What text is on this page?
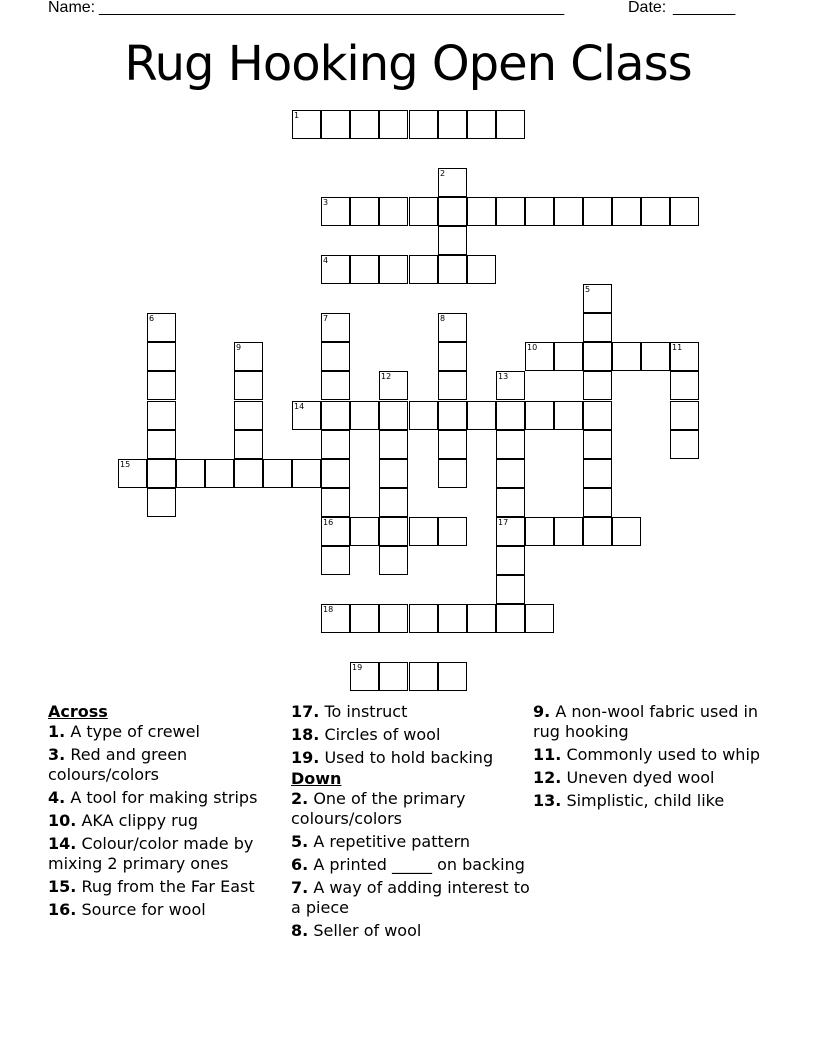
Name: _______________________________________________________	Date: _______
Rug Hooking Open Class
1
2
3
4
5
6	7
16
8
9	10	11
12	13
17
14
15
18
19
Across
1. A type of crewel
3. Red and green colours/colors
4. A tool for making strips
10. AKA clippy rug
14. Colour/color made by mixing 2 primary ones
15. Rug from the Far East
16. Source for wool
17. To instruct
18. Circles of wool
19. Used to hold backing
Down
2. One of the primary colours/colors
5. A repetitive pattern
6. A printed _____ on backing
7. A way of adding interest to a piece
8. Seller of wool
9. A non-wool fabric used in rug hooking
11. Commonly used to whip
12. Uneven dyed wool
13. Simplistic, child like
